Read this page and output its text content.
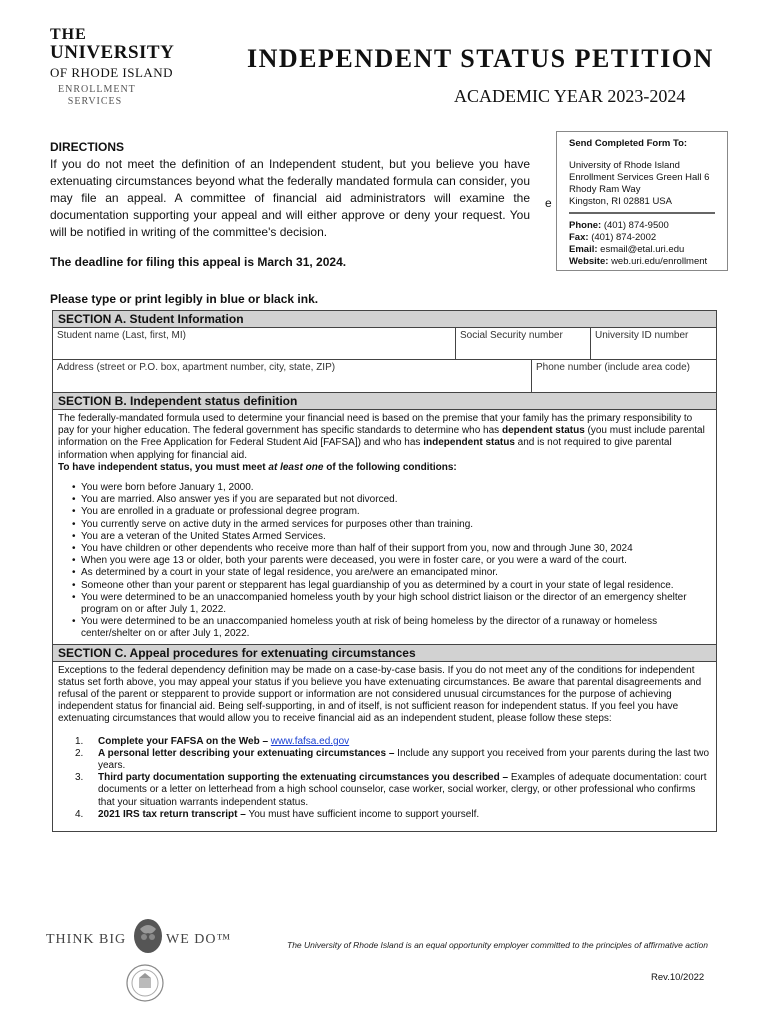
THE
UNIVERSITY
OF RHODE ISLAND
ENROLLMENT
SERVICES
INDEPENDENT STATUS PETITION
ACADEMIC YEAR 2023-2024
DIRECTIONS
If you do not meet the definition of an Independent student, but you believe you have extenuating circumstances beyond what the federally mandated formula can consider, you may file an appeal. A committee of financial aid administrators will examine the documentation supporting your appeal and will either approve or deny your request. You will be notified in writing of the committee's decision.
e
The deadline for filing this appeal is March 31, 2024.
Send Completed Form To:
University of Rhode Island
Enrollment Services Green Hall 6
Rhody Ram Way
Kingston, RI 02881 USA
Phone: (401) 874-9500
Fax: (401) 874-2002
Email: esmail@etal.uri.edu
Website: web.uri.edu/enrollment
Please type or print legibly in blue or black ink.
SECTION A. Student Information
Student name (Last, first, MI)	Social Security number	University ID number
Address (street or P.O. box, apartment number, city, state, ZIP)	Phone number (include area code)
SECTION B. Independent status definition

The federally-mandated formula used to determine your financial need is based on the premise that your family has the primary responsibility to pay for your higher education. The federal government has specific standards to determine who has dependent status (you must include parental information on the Free Application for Federal Student Aid [FAFSA]) and who has independent status and is not required to give parental information when applying for financial aid.

To have independent status, you must meet at least one of the following conditions:

• You were born before January 1, 2000.
• You are married. Also answer yes if you are separated but not divorced.
• You are enrolled in a graduate or professional degree program.
• You currently serve on active duty in the armed services for purposes other than training.
• You are a veteran of the United States Armed Services.
• You have children or other dependents who receive more than half of their support from you, now and through June 30, 2024
• When you were age 13 or older, both your parents were deceased, you were in foster care, or you were a ward of the court.
• As determined by a court in your state of legal residence, you are/were an emancipated minor.
• Someone other than your parent or stepparent has legal guardianship of you as determined by a court in your state of legal residence.
• You were determined to be an unaccompanied homeless youth by your high school district liaison or the director of an emergency shelter program on or after July 1, 2022.
• You were determined to be an unaccompanied homeless youth at risk of being homeless by the director of a runaway or homeless center/shelter on or after July 1, 2022.
SECTION C. Appeal procedures for extenuating circumstances
Exceptions to the federal dependency definition may be made on a case-by-case basis. If you do not meet any of the conditions for independent status set forth above, you may appeal your status if you believe you have extenuating circumstances. Be aware that parental disagreements and refusal of the parent or stepparent to provide support or information are not considered unusual circumstances for the purpose of achieving independent status for financial aid. Being self-supporting, in and of itself, is not sufficient reason for independent status. If you feel you have extenuating circumstances that would allow you to receive financial aid as an independent student, please follow these steps:
1. Complete your FAFSA on the Web – www.fafsa.ed.gov
2. A personal letter describing your extenuating circumstances – Include any support you received from your parents during the last two years.
3. Third party documentation supporting the extenuating circumstances you described – Examples of adequate documentation: court documents or a letter on letterhead from a high school counselor, case worker, social worker, clergy, or other professional who confirms that your situation warrants independent status.
4. 2021 IRS tax return transcript – You must have sufficient income to support yourself.
THINK BIG	WE DO™	The University of Rhode Island is an equal opportunity employer committed to the principles of affirmative action
Rev.10/2022
